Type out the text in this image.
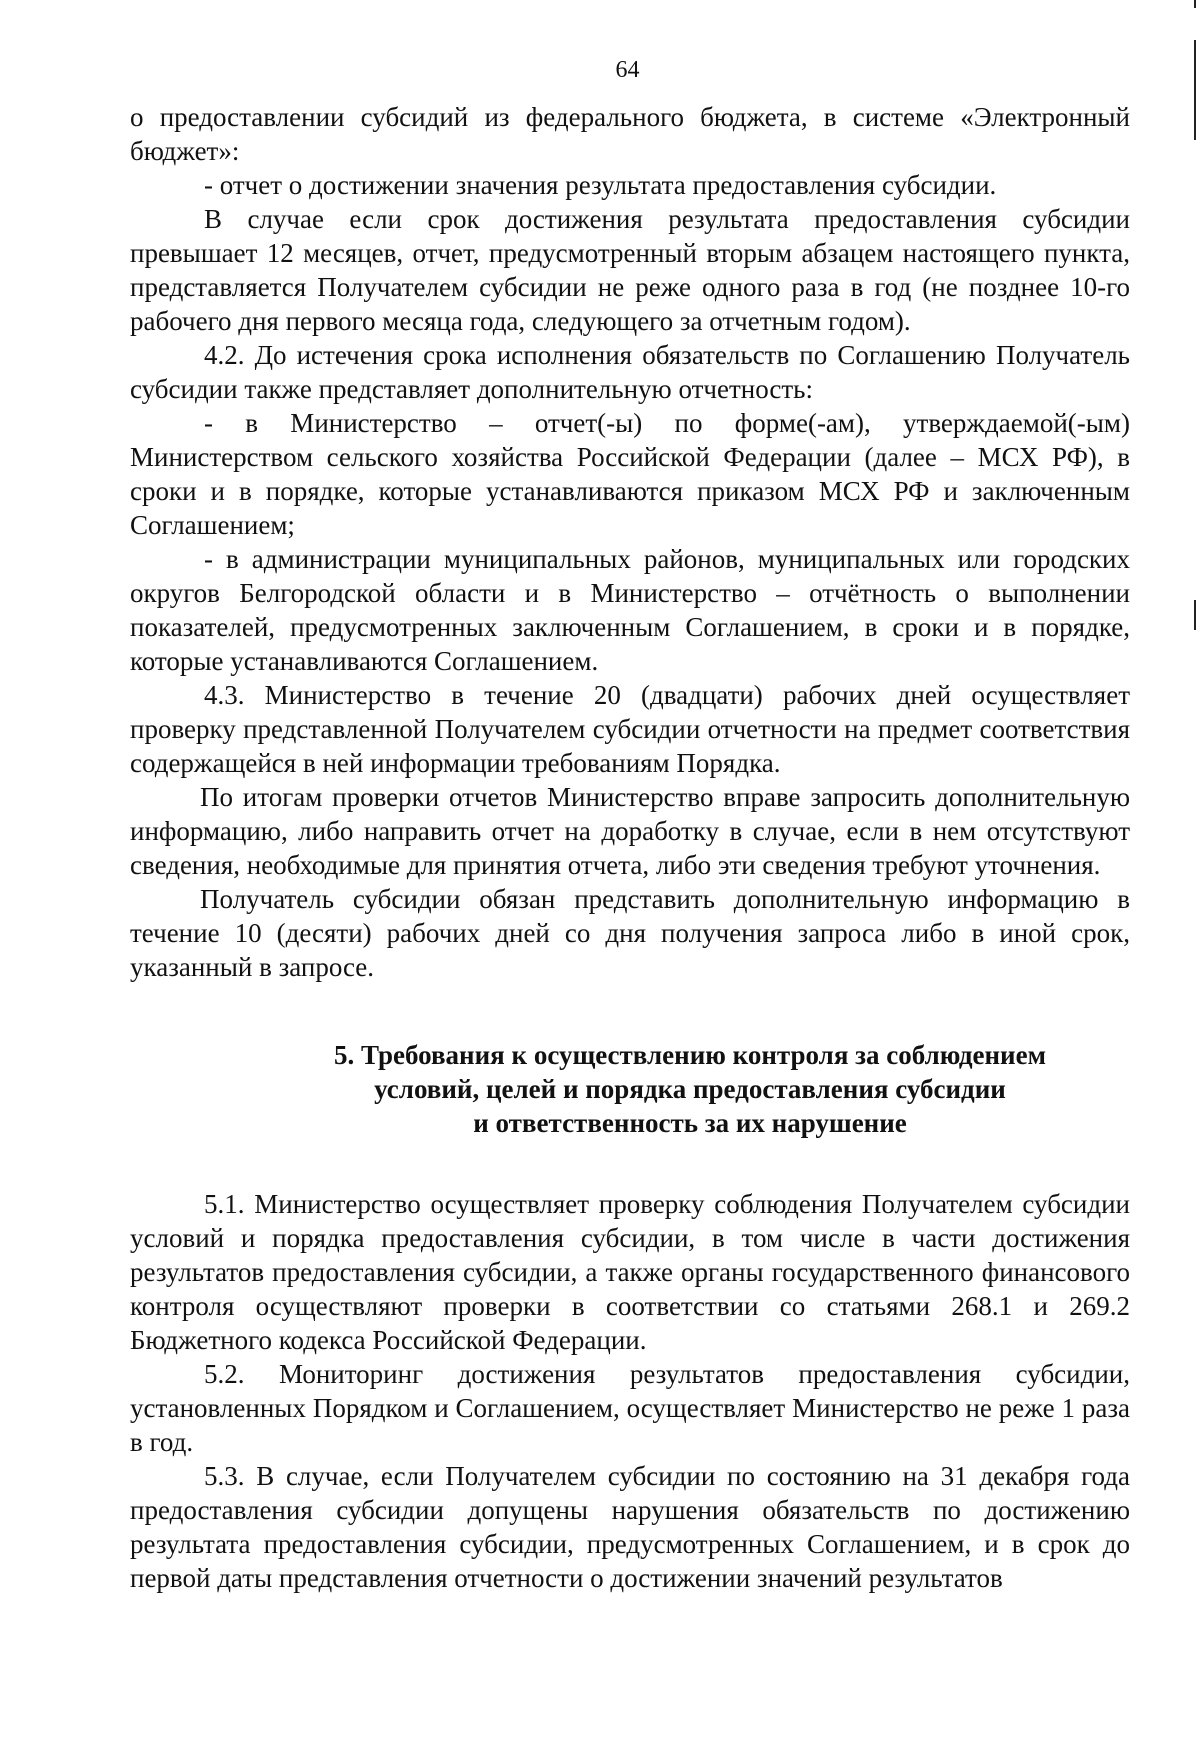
64

о предоставлении субсидий из федерального бюджета, в системе «Электронный бюджет»:

- отчет о достижении значения результата предоставления субсидии.

В случае если срок достижения результата предоставления субсидии превышает 12 месяцев, отчет, предусмотренный вторым абзацем настоящего пункта, представляется Получателем субсидии не реже одного раза в год (не позднее 10-го рабочего дня первого месяца года, следующего за отчетным годом).

4.2. До истечения срока исполнения обязательств по Соглашению Получатель субсидии также представляет дополнительную отчетность:

- в Министерство – отчет(-ы) по форме(-ам), утверждаемой(-ым) Министерством сельского хозяйства Российской Федерации (далее – МСХ РФ), в сроки и в порядке, которые устанавливаются приказом МСХ РФ и заключенным Соглашением;

- в администрации муниципальных районов, муниципальных или городских округов Белгородской области и в Министерство – отчётность о выполнении показателей, предусмотренных заключенным Соглашением, в сроки и в порядке, которые устанавливаются Соглашением.

4.3. Министерство в течение 20 (двадцати) рабочих дней осуществляет проверку представленной Получателем субсидии отчетности на предмет соответствия содержащейся в ней информации требованиям Порядка.

По итогам проверки отчетов Министерство вправе запросить дополнительную информацию, либо направить отчет на доработку в случае, если в нем отсутствуют сведения, необходимые для принятия отчета, либо эти сведения требуют уточнения.

Получатель субсидии обязан представить дополнительную информацию в течение 10 (десяти) рабочих дней со дня получения запроса либо в иной срок, указанный в запросе.

5. Требования к осуществлению контроля за соблюдением
условий, целей и порядка предоставления субсидии
и ответственность за их нарушение

5.1. Министерство осуществляет проверку соблюдения Получателем субсидии условий и порядка предоставления субсидии, в том числе в части достижения результатов предоставления субсидии, а также органы государственного финансового контроля осуществляют проверки в соответствии со статьями 268.1 и 269.2 Бюджетного кодекса Российской Федерации.

5.2. Мониторинг достижения результатов предоставления субсидии, установленных Порядком и Соглашением, осуществляет Министерство не реже 1 раза в год.

5.3. В случае, если Получателем субсидии по состоянию на 31 декабря года предоставления субсидии допущены нарушения обязательств по достижению результата предоставления субсидии, предусмотренных Соглашением, и в срок до первой даты представления отчетности о достижении значений результатов
